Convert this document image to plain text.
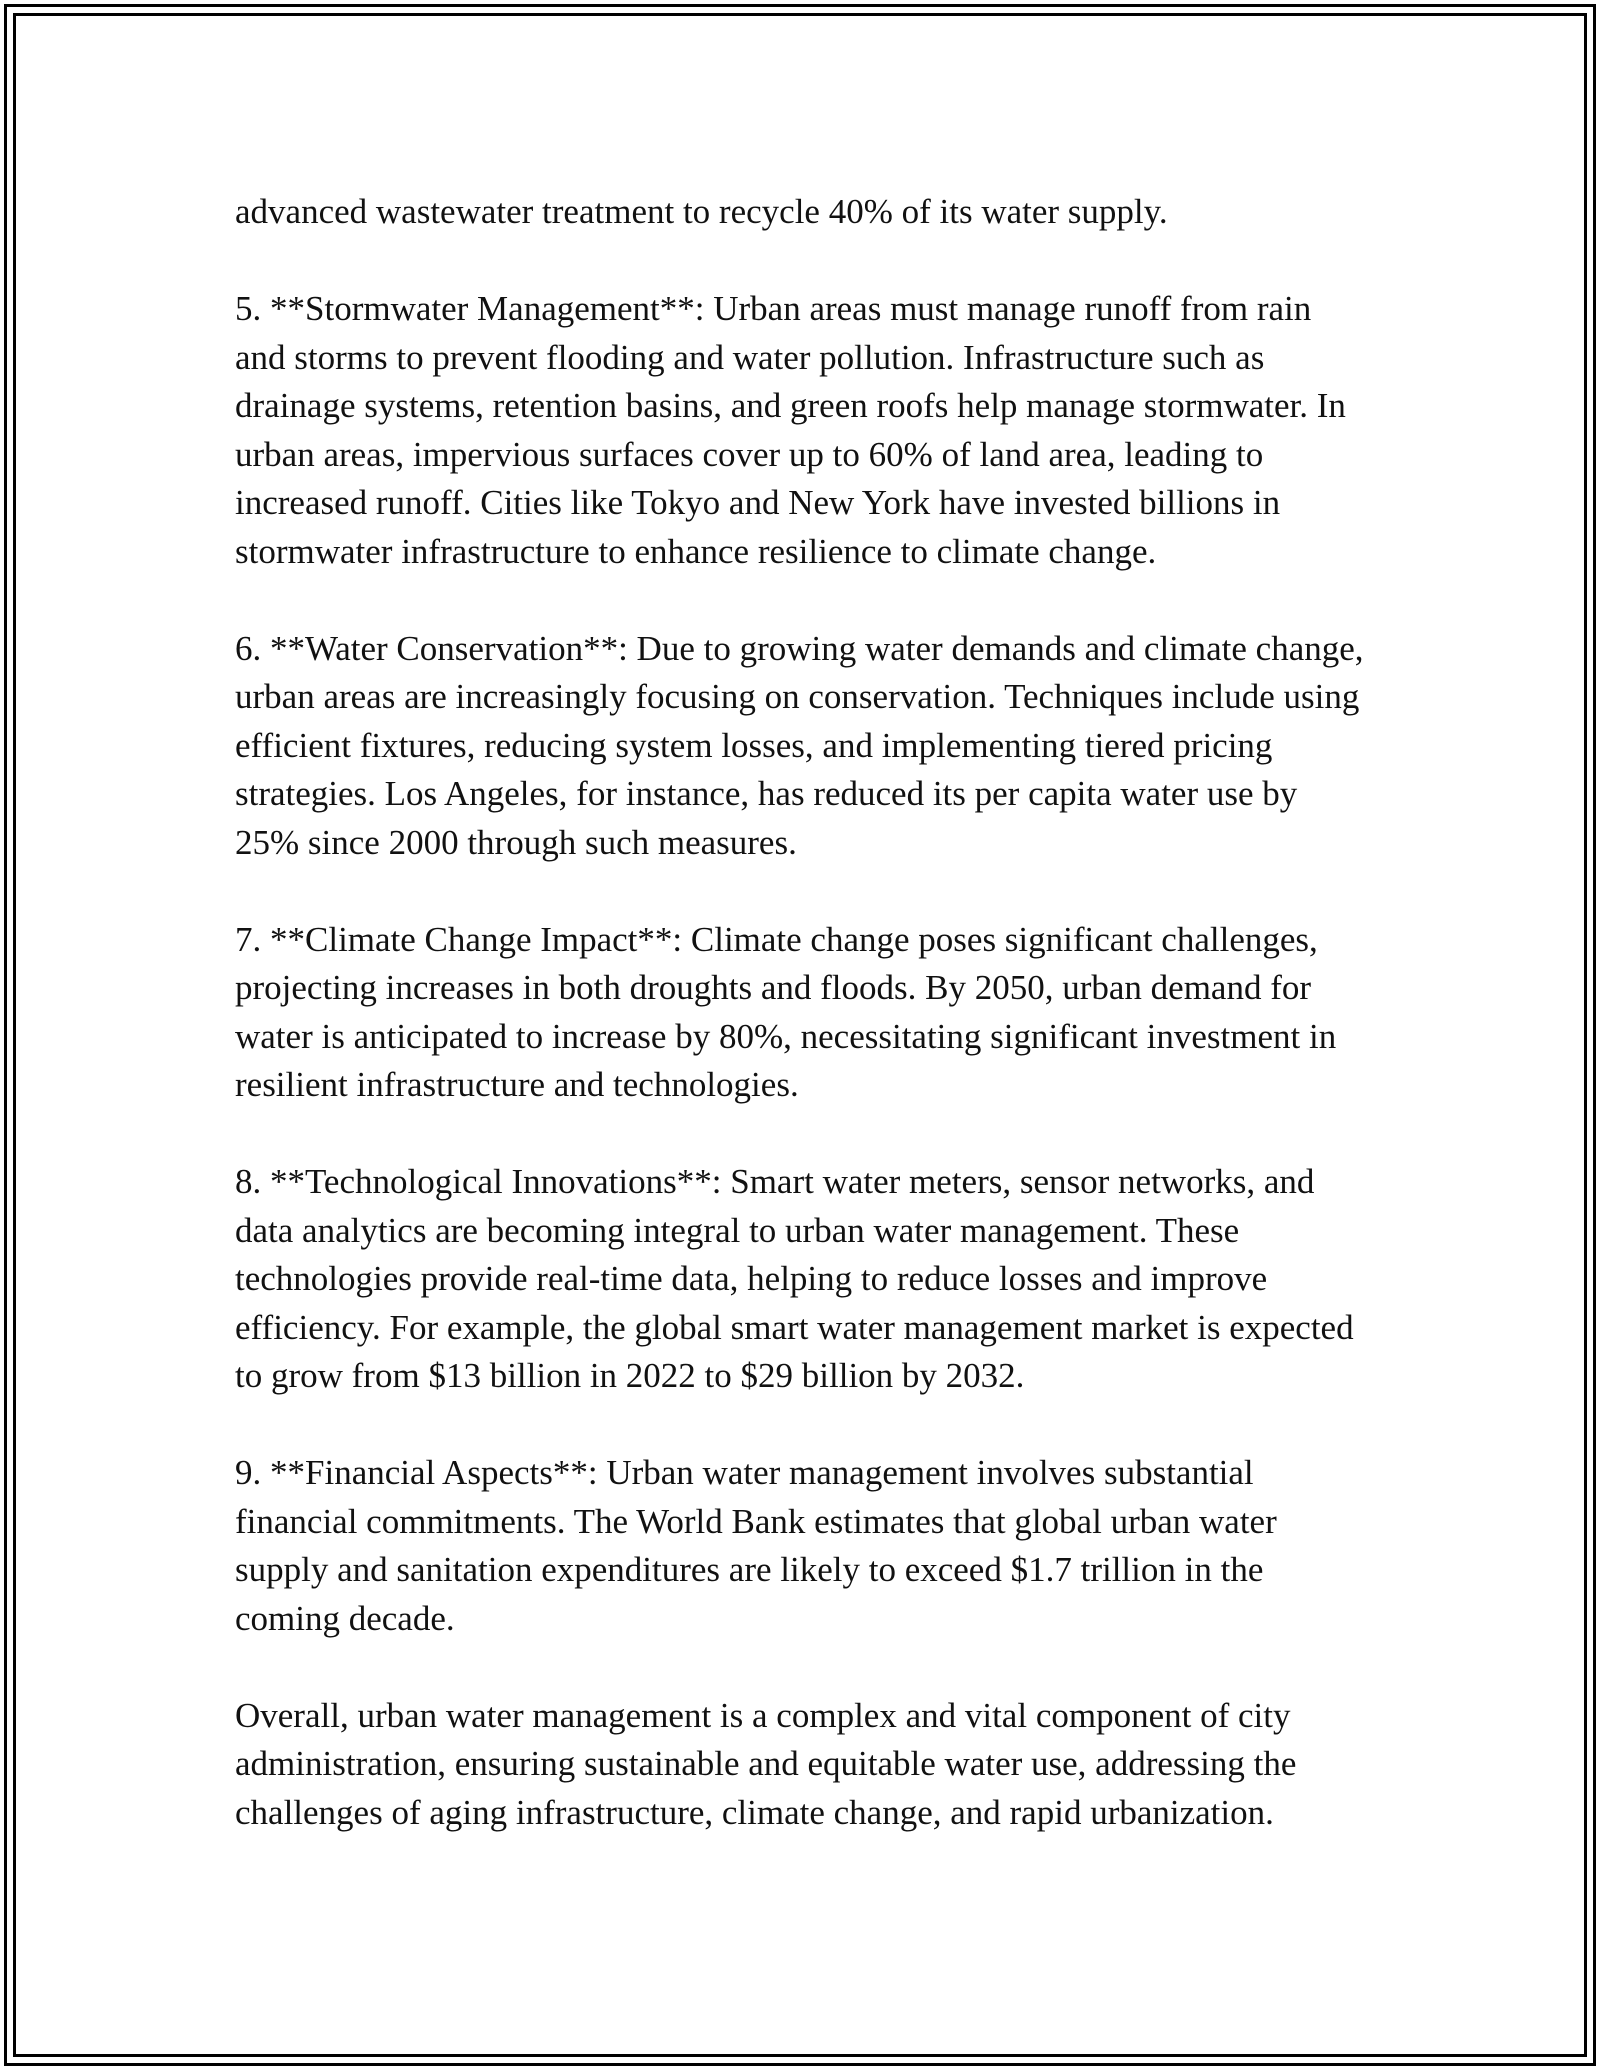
advanced wastewater treatment to recycle 40% of its water supply.

5. **Stormwater Management**: Urban areas must manage runoff from rain and storms to prevent flooding and water pollution. Infrastructure such as drainage systems, retention basins, and green roofs help manage stormwater. In urban areas, impervious surfaces cover up to 60% of land area, leading to increased runoff. Cities like Tokyo and New York have invested billions in stormwater infrastructure to enhance resilience to climate change.

6. **Water Conservation**: Due to growing water demands and climate change, urban areas are increasingly focusing on conservation. Techniques include using efficient fixtures, reducing system losses, and implementing tiered pricing strategies. Los Angeles, for instance, has reduced its per capita water use by 25% since 2000 through such measures.

7. **Climate Change Impact**: Climate change poses significant challenges, projecting increases in both droughts and floods. By 2050, urban demand for water is anticipated to increase by 80%, necessitating significant investment in resilient infrastructure and technologies.

8. **Technological Innovations**: Smart water meters, sensor networks, and data analytics are becoming integral to urban water management. These technologies provide real-time data, helping to reduce losses and improve efficiency. For example, the global smart water management market is expected to grow from $13 billion in 2022 to $29 billion by 2032.

9. **Financial Aspects**: Urban water management involves substantial financial commitments. The World Bank estimates that global urban water supply and sanitation expenditures are likely to exceed $1.7 trillion in the coming decade.

Overall, urban water management is a complex and vital component of city administration, ensuring sustainable and equitable water use, addressing the challenges of aging infrastructure, climate change, and rapid urbanization.
